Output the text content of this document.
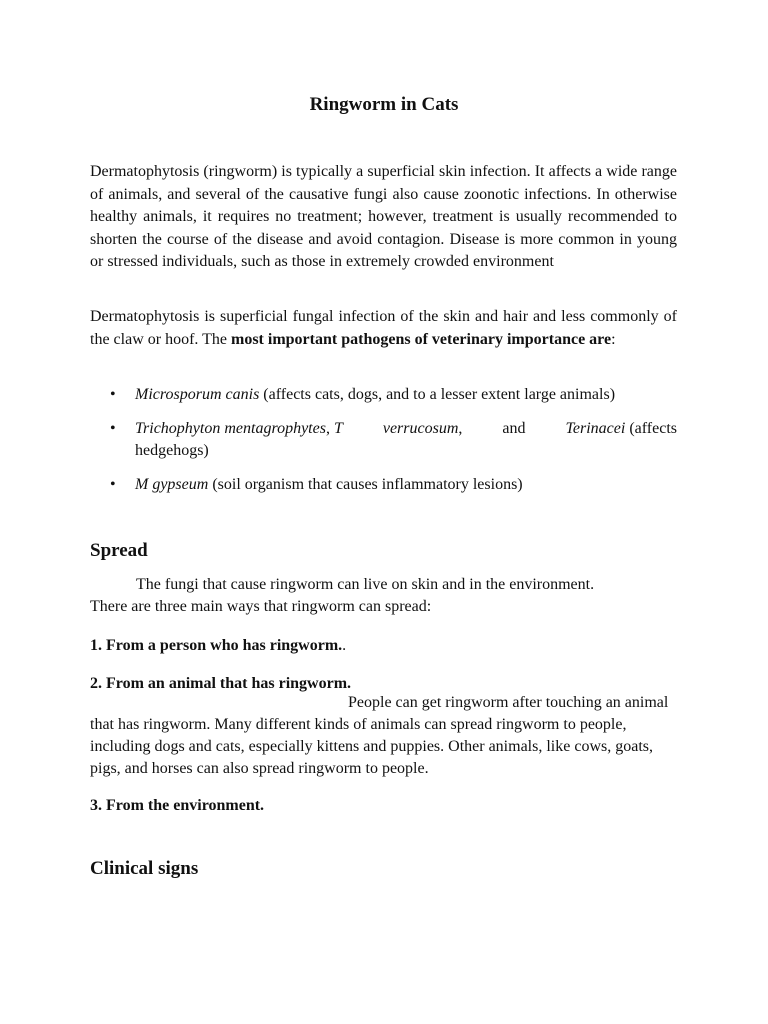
Ringworm in Cats

Dermatophytosis (ringworm) is typically a superficial skin infection. It affects a wide range of animals, and several of the causative fungi also cause zoonotic infections. In otherwise healthy animals, it requires no treatment; however, treatment is usually recommended to shorten the course of the disease and avoid contagion. Disease is more common in young or stressed individuals, such as those in extremely crowded environment

Dermatophytosis is superficial fungal infection of the skin and hair and less commonly of the claw or hoof. The most important pathogens of veterinary importance are:

• Microsporum canis (affects cats, dogs, and to a lesser extent large animals)
• Trichophyton mentagrophytes, T verrucosum, and Terinacei (affects
hedgehogs)
• M gypseum (soil organism that causes inflammatory lesions)
Spread
The fungi that cause ringworm can live on skin and in the environment.
There are three main ways that ringworm can spread:

1. From a person who has ringworm..

2. From an animal that has ringworm.

People can get ringworm after touching an animal that has ringworm. Many different kinds of animals can spread ringworm to people, including dogs and cats, especially kittens and puppies. Other animals, like cows, goats, pigs, and horses can also spread ringworm to people.

3. From the environment.

Clinical signs
